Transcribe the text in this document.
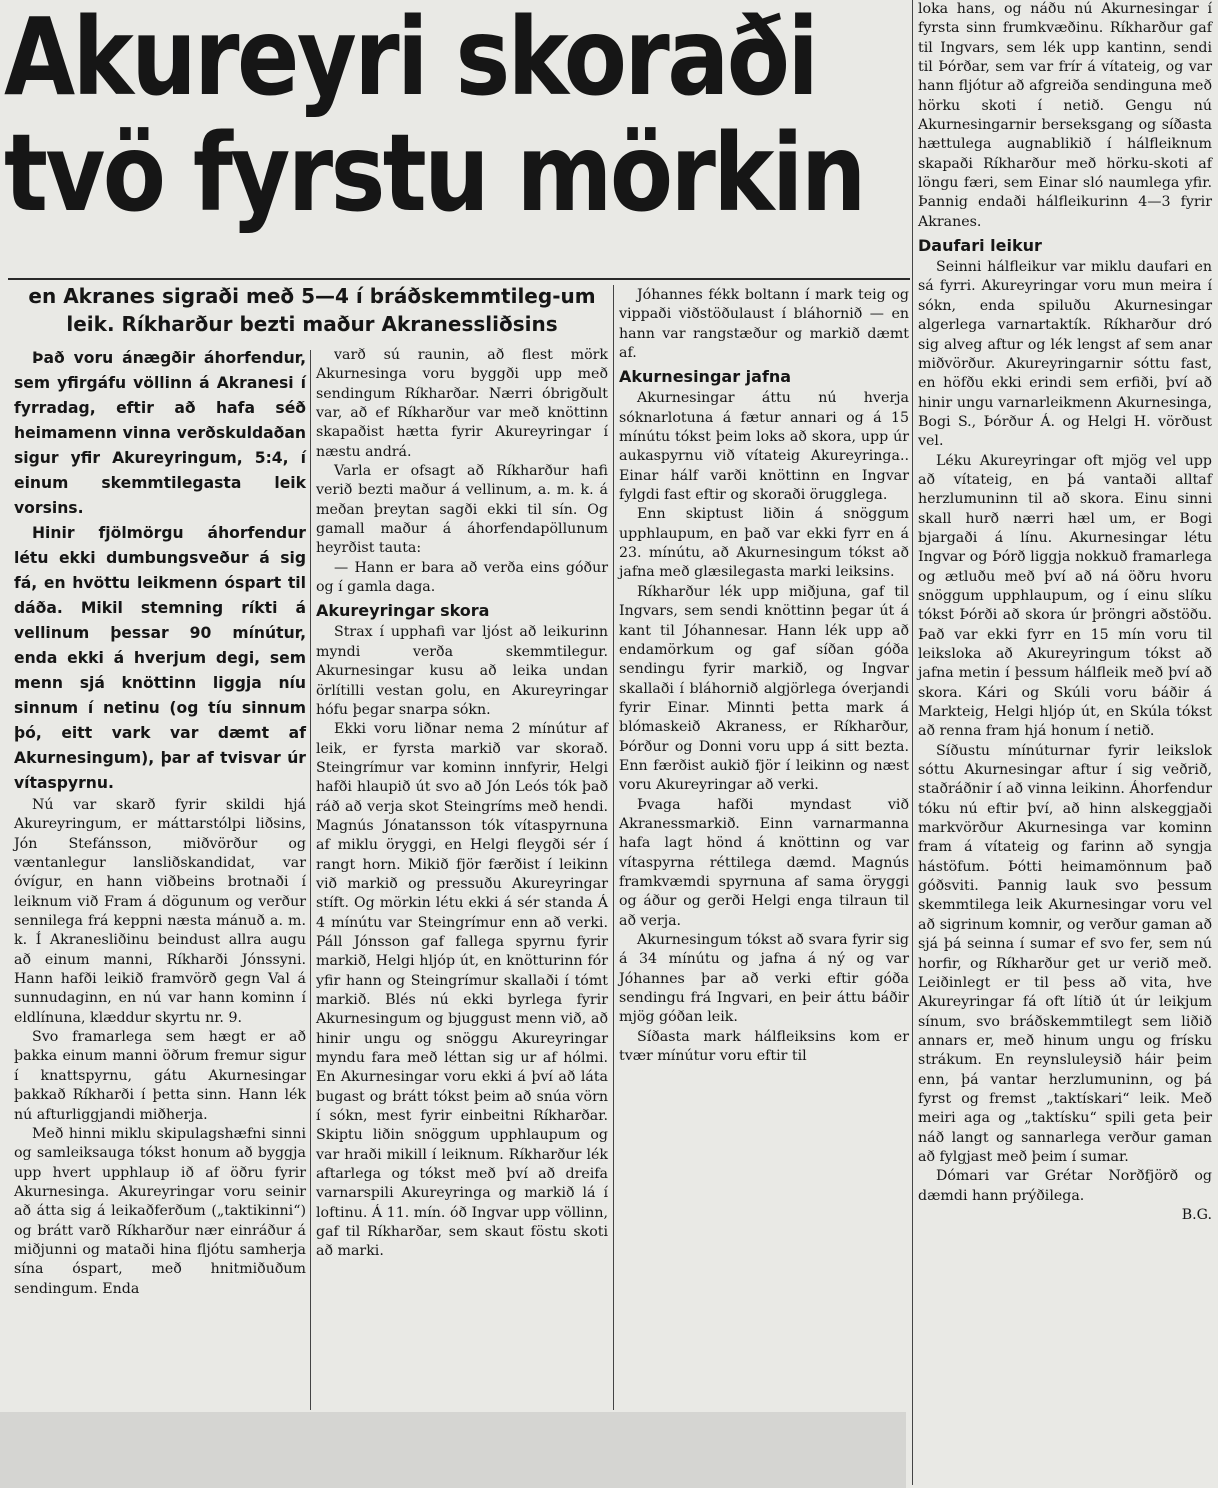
Akureyri skoraði
tvö fyrstu mörkin
en Akranes sigraði með 5—4 í bráðskemmtileg-um leik. Ríkharður bezti maður Akranessliðsins

Það voru ánægðir áhorfendur, sem yfirgáfu völlinn á Akranesi í fyrradag, eftir að hafa séð heimamenn vinna verðskuldaðan sigur yfir Akureyringum, 5:4, í einum skemmtilegasta leik vorsins.

Hinir fjölmörgu áhorfendur létu ekki dumbungsveður á sig fá, en hvöttu leikmenn óspart til dáða. Mikil stemning ríkti á vellinum þessar 90 mínútur, enda ekki á hverjum degi, sem menn sjá knöttinn liggja níu sinnum í netinu (og tíu sinnum þó, eitt vark var dæmt af Akurnesingum), þar af tvisvar úr vítaspyrnu.

Nú var skarð fyrir skildi hjá Akureyringum, er máttarstólpi liðsins, Jón Stefánsson, miðvörður og væntanlegur lansliðskandidat, var óvígur, en hann viðbeins brotnaði í leiknum við Fram á dögunum og verður sennilega frá keppni næsta mánuð a. m. k. Í Akranesliðinu beindust allra augu að einum manni, Ríkharði Jónssyni. Hann hafði leikið framvörð gegn Val á sunnudaginn, en nú var hann kominn í eldlínuna, klæddur skyrtu nr. 9.

Svo framarlega sem hægt er að þakka einum manni öðrum fremur sigur í knattspyrnu, gátu Akurnesingar þakkað Ríkharði í þetta sinn. Hann lék nú afturliggjandi miðherja.

Með hinni miklu skipulagshæfni sinni og samleiksauga tókst honum að byggja upp hvert upphlaup ið af öðru fyrir Akurnesinga. Akureyringar voru seinir að átta sig á leikaðferðum („taktikinni“) og brátt varð Ríkharður nær einráður á miðjunni og mataði hina fljótu samherja sína óspart, með hnitmiðuðum sendingum. Enda

varð sú raunin, að flest mörk Akurnesinga voru byggði upp með sendingum Ríkharðar. Nærri óbrigðult var, að ef Ríkharður var með knöttinn skapaðist hætta fyrir Akureyringar í næstu andrá.

Varla er ofsagt að Ríkharður hafi verið bezti maður á vellinum, a. m. k. á meðan þreytan sagði ekki til sín. Og gamall maður á áhorfendapöllunum heyrðist tauta:

— Hann er bara að verða eins góður og í gamla daga.

Akureyringar skora

Strax í upphafi var ljóst að leikurinn myndi verða skemmtilegur. Akurnesingar kusu að leika undan örlítilli vestan golu, en Akureyringar hófu þegar snarpa sókn.

Ekki voru liðnar nema 2 mínútur af leik, er fyrsta markið var skorað. Steingrímur var kominn innfyrir, Helgi hafði hlaupið út svo að Jón Leós tók það ráð að verja skot Steingríms með hendi. Magnús Jónatansson tók vítaspyrnuna af miklu öryggi, en Helgi fleygði sér í rangt horn. Mikið fjör færðist í leikinn við markið og pressuðu Akureyringar stíft. Og mörkin létu ekki á sér standa Á 4 mínútu var Steingrímur enn að verki. Páll Jónsson gaf fallega spyrnu fyrir markið, Helgi hljóp út, en knötturinn fór yfir hann og Steingrímur skallaði í tómt markið. Blés nú ekki byrlega fyrir Akurnesingum og bjuggust menn við, að hinir ungu og snöggu Akureyringar myndu fara með léttan sig ur af hólmi. En Akurnesingar voru ekki á því að láta bugast og brátt tókst þeim að snúa vörn í sókn, mest fyrir einbeitni Ríkharðar. Skiptu liðin snöggum upphlaupum og var hraði mikill í leiknum. Ríkharður lék aftarlega og tókst með því að dreifa varnarspili Akureyringa og markið lá í loftinu. Á 11. mín. óð Ingvar upp völlinn, gaf til Ríkharðar, sem skaut föstu skoti að marki.

Jóhannes fékk boltann í mark teig og vippaði viðstöðulaust í bláhornið — en hann var rangstæður og markið dæmt af.

Akurnesingar jafna

Akurnesingar áttu nú hverja sóknarlotuna á fætur annari og á 15 mínútu tókst þeim loks að skora, upp úr aukaspyrnu við vítateig Akureyringa.. Einar hálf varði knöttinn en Ingvar fylgdi fast eftir og skoraði örugglega.

Enn skiptust liðin á snöggum upphlaupum, en það var ekki fyrr en á 23. mínútu, að Akurnesingum tókst að jafna með glæsilegasta marki leiksins.

Ríkharður lék upp miðjuna, gaf til Ingvars, sem sendi knöttinn þegar út á kant til Jóhannesar. Hann lék upp að endamörkum og gaf síðan góða sendingu fyrir markið, og Ingvar skallaði í bláhornið algjörlega óverjandi fyrir Einar. Minnti þetta mark á blómaskeið Akraness, er Ríkharður, Þórður og Donni voru upp á sitt bezta. Enn færðist aukið fjör í leikinn og næst voru Akureyringar að verki.

Þvaga hafði myndast við Akranessmarkið. Einn varnarmanna hafa lagt hönd á knöttinn og var vítaspyrna réttilega dæmd. Magnús framkvæmdi spyrnuna af sama öryggi og áður og gerði Helgi enga tilraun til að verja.

Akurnesingum tókst að svara fyrir sig á 34 mínútu og jafna á ný og var Jóhannes þar að verki eftir góða sendingu frá Ingvari, en þeir áttu báðir mjög góðan leik.

Síðasta mark hálfleiksins kom er tvær mínútur voru eftir til

loka hans, og náðu nú Akurnesingar í fyrsta sinn frumkvæðinu. Ríkharður gaf til Ingvars, sem lék upp kantinn, sendi til Þórðar, sem var frír á vítateig, og var hann fljótur að afgreiða sendinguna með hörku skoti í netið. Gengu nú Akurnesingarnir berseksgang og síðasta hættulega augnablikið í hálfleiknum skapaði Ríkharður með hörku-skoti af löngu færi, sem Einar sló naumlega yfir. Þannig endaði hálfleikurinn 4—3 fyrir Akranes.

Daufari leikur

Seinni hálfleikur var miklu daufari en sá fyrri. Akureyringar voru mun meira í sókn, enda spiluðu Akurnesingar algerlega varnartaktík. Ríkharður dró sig alveg aftur og lék lengst af sem anar miðvörður. Akureyringarnir sóttu fast, en höfðu ekki erindi sem erfiði, því að hinir ungu varnarleikmenn Akurnesinga, Bogi S., Þórður Á. og Helgi H. vörðust vel.

Léku Akureyringar oft mjög vel upp að vítateig, en þá vantaði alltaf herzlumuninn til að skora. Einu sinni skall hurð nærri hæl um, er Bogi bjargaði á línu. Akurnesingar létu Ingvar og Þórð liggja nokkuð framarlega og ætluðu með því að ná öðru hvoru snöggum upphlaupum, og í einu slíku tókst Þórði að skora úr þröngri aðstöðu. Það var ekki fyrr en 15 mín voru til leiksloka að Akureyringum tókst að jafna metin í þessum hálfleik með því að skora. Kári og Skúli voru báðir á Markteig, Helgi hljóp út, en Skúla tókst að renna fram hjá honum í netið.

Síðustu mínúturnar fyrir leikslok sóttu Akurnesingar aftur í sig veðrið, staðráðnir í að vinna leikinn. Áhorfendur tóku nú eftir því, að hinn alskeggjaði markvörður Akurnesinga var kominn fram á vítateig og farinn að syngja hástöfum. Þótti heimamönnum það góðsviti. Þannig lauk svo þessum skemmtilega leik Akurnesingar voru vel að sigrinum komnir, og verður gaman að sjá þá seinna í sumar ef svo fer, sem nú horfir, og Ríkharður get ur verið með. Leiðinlegt er til þess að vita, hve Akureyringar fá oft lítið út úr leikjum sínum, svo bráðskemmtilegt sem liðið annars er, með hinum ungu og frísku strákum. En reynsluleysið háir þeim enn, þá vantar herzlumuninn, og þá fyrst og fremst „taktískari“ leik. Með meiri aga og „taktísku“ spili geta þeir náð langt og sannarlega verður gaman að fylgjast með þeim í sumar.

Dómari var Grétar Norðfjörð og dæmdi hann prýðilega.

B.G.
